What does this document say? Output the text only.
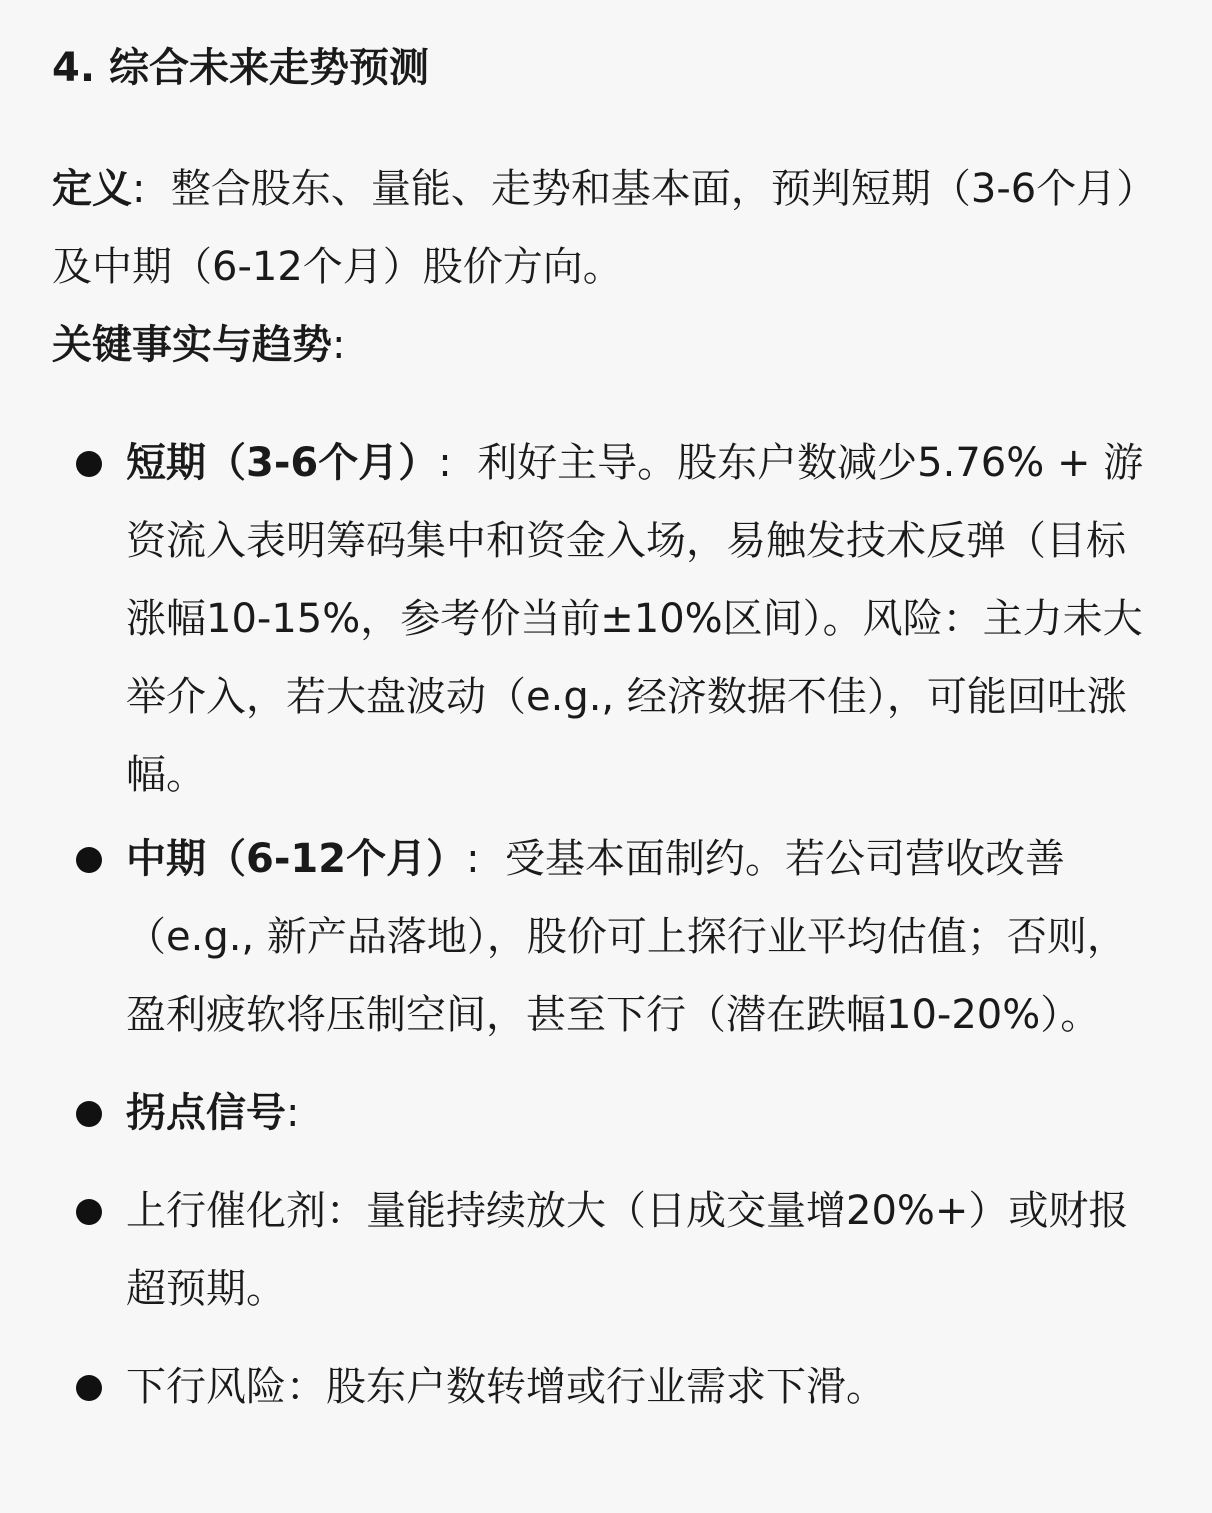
4. 综合未来走势预测

定义: 整合股东、量能、走势和基本面，预判短期（3-6个月）及中期（6-12个月）股价方向。

关键事实与趋势:

短期（3-6个月）: 利好主导。股东户数减少5.76% + 游资流入表明筹码集中和资金入场，易触发技术反弹（目标涨幅10-15%，参考价当前±10%区间）。风险：主力未大举介入，若大盘波动（e.g., 经济数据不佳），可能回吐涨幅。
中期（6-12个月）: 受基本面制约。若公司营收改善（e.g., 新产品落地），股价可上探行业平均估值；否则，盈利疲软将压制空间，甚至下行（潜在跌幅10-20%）。
拐点信号:
上行催化剂：量能持续放大（日成交量增20%+）或财报超预期。
下行风险：股东户数转增或行业需求下滑。
